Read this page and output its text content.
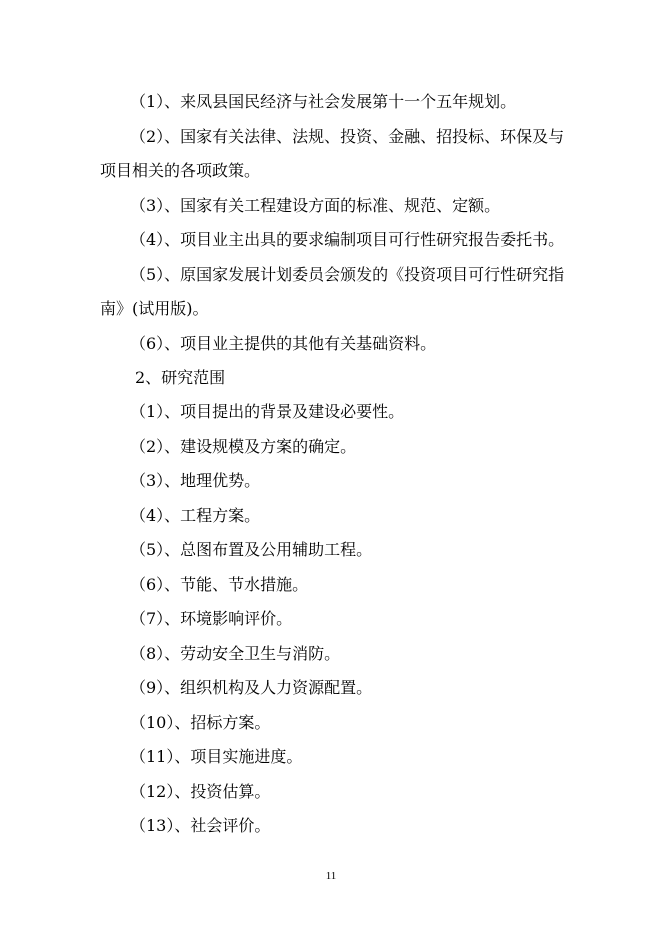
（1）、来凤县国民经济与社会发展第十一个五年规划。
（2）、国家有关法律、法规、投资、金融、招投标、环保及与
项目相关的各项政策。
（3）、国家有关工程建设方面的标准、规范、定额。
（4）、项目业主出具的要求编制项目可行性研究报告委托书。
（5）、原国家发展计划委员会颁发的《投资项目可行性研究指
南》(试用版)。
（6）、项目业主提供的其他有关基础资料。
2、研究范围
（1）、项目提出的背景及建设必要性。
（2）、建设规模及方案的确定。
（3）、地理优势。
（4）、工程方案。
（5）、总图布置及公用辅助工程。
（6）、节能、节水措施。
（7）、环境影响评价。
（8）、劳动安全卫生与消防。
（9）、组织机构及人力资源配置。
（10）、招标方案。
（11）、项目实施进度。
（12）、投资估算。
（13）、社会评价。
11
